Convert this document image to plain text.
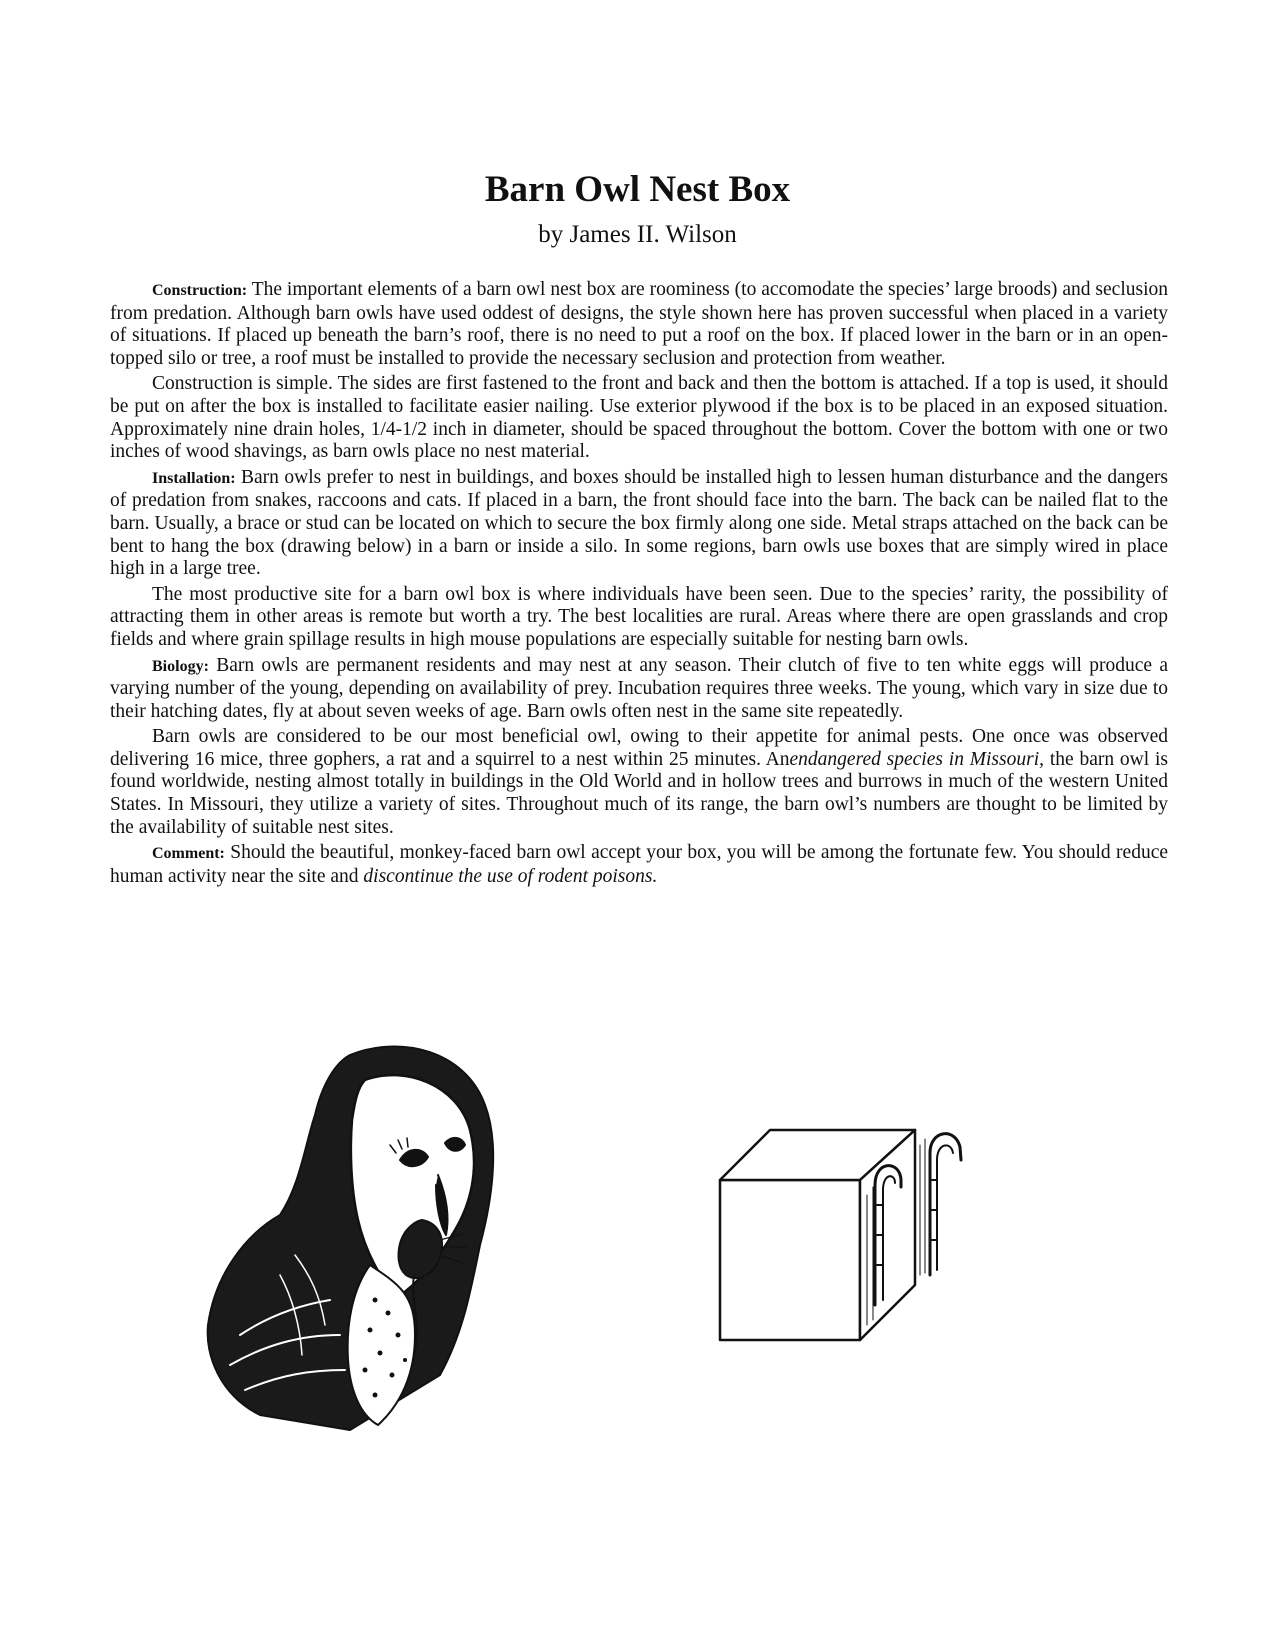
Barn Owl Nest Box
by James II. Wilson

Construction: The important elements of a barn owl nest box are roominess (to accomodate the species’ large broods) and seclusion from predation. Although barn owls have used oddest of designs, the style shown here has proven successful when placed in a variety of situations. If placed up beneath the barn’s roof, there is no need to put a roof on the box. If placed lower in the barn or in an open-topped silo or tree, a roof must be installed to provide the necessary seclusion and protection from weather.

Construction is simple. The sides are first fastened to the front and back and then the bottom is attached. If a top is used, it should be put on after the box is installed to facilitate easier nailing. Use exterior plywood if the box is to be placed in an exposed situation. Approximately nine drain holes, 1/4-1/2 inch in diameter, should be spaced throughout the bottom. Cover the bottom with one or two inches of wood shavings, as barn owls place no nest material.

Installation: Barn owls prefer to nest in buildings, and boxes should be installed high to lessen human disturbance and the dangers of predation from snakes, raccoons and cats. If placed in a barn, the front should face into the barn. The back can be nailed flat to the barn. Usually, a brace or stud can be located on which to secure the box firmly along one side. Metal straps attached on the back can be bent to hang the box (drawing below) in a barn or inside a silo. In some regions, barn owls use boxes that are simply wired in place high in a large tree.

The most productive site for a barn owl box is where individuals have been seen. Due to the species’ rarity, the possibility of attracting them in other areas is remote but worth a try. The best localities are rural. Areas where there are open grasslands and crop fields and where grain spillage results in high mouse populations are especially suitable for nesting barn owls.

Biology: Barn owls are permanent residents and may nest at any season. Their clutch of five to ten white eggs will produce a varying number of the young, depending on availability of prey. Incubation requires three weeks. The young, which vary in size due to their hatching dates, fly at about seven weeks of age. Barn owls often nest in the same site repeatedly.

Barn owls are considered to be our most beneficial owl, owing to their appetite for animal pests. One once was observed delivering 16 mice, three gophers, a rat and a squirrel to a nest within 25 minutes. Anendangered species in Missouri, the barn owl is found worldwide, nesting almost totally in buildings in the Old World and in hollow trees and burrows in much of the western United States. In Missouri, they utilize a variety of sites. Throughout much of its range, the barn owl’s numbers are thought to be limited by the availability of suitable nest sites.

Comment: Should the beautiful, monkey-faced barn owl accept your box, you will be among the fortunate few. You should reduce human activity near the site and discontinue the use of rodent poisons.
